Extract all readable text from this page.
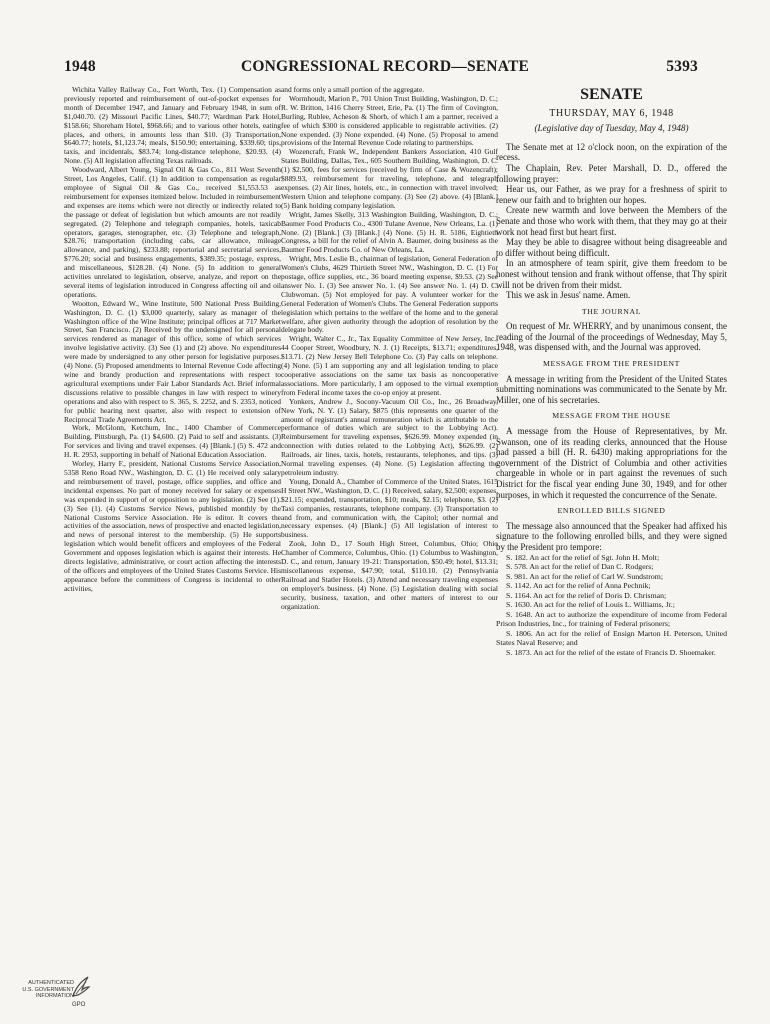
1948	CONGRESSIONAL RECORD—SENATE	5393

Wichita Valley Railway Co., Fort Worth, Tex. (1) Compensation as previously reported and reimbursement of out-of-pocket expenses for month of December 1947, and January and February 1948, in sum of $1,040.70. (2) Missouri Pacific Lines, $40.77; Wardman Park Hotel, $158.66; Shoreham Hotel, $968.66; and to various other hotels, eating places, and others, in amounts less than $10. (3) Transportation, $640.77; hotels, $1,123.74; meals, $150.90; entertaining, $339.60; tips, taxis, and incidentals, $83.74; long-distance telephone, $20.93. (4) None. (5) All legislation affecting Texas railroads.

Woodward, Albert Young, Signal Oil & Gas Co., 811 West Seventh Street, Los Angeles, Calif. (1) In addition to compensation as regular employee of Signal Oil & Gas Co., received $1,553.53 as reimbursement for expenses itemized below. Included in reimbursement and expenses are items which were not directly or indirectly related to the passage or defeat of legislation but which amounts are not readily segregated. (2) Telephone and telegraph companies, hotels, taxicab operators, garages, stenographer, etc. (3) Telephone and telegraph, $28.76; transportation (including cabs, car allowance, mileage allowance, and parking), $233.88; reportorial and secretarial services, $776.20; social and business engagements, $389.35; postage, express, and miscellaneous, $128.28. (4) None. (5) In addition to general activities unrelated to legislation, observe, analyze, and report on the several items of legislation introduced in Congress affecting oil and oil operations.

Wootton, Edward W., Wine Institute, 500 National Press Building, Washington, D. C. (1) $3,000 quarterly, salary as manager of the Washington office of the Wine Institute; principal offices at 717 Market Street, San Francisco. (2) Received by the undersigned for all personal services rendered as manager of this office, some of which services involve legislative activity. (3) See (1) and (2) above. No expenditures were made by undersigned to any other person for legislative purposes. (4) None. (5) Proposed amendments to Internal Revenue Code affecting wine and brandy production and representations with respect to agricultural exemptions under Fair Labor Standards Act. Brief informal discussions relative to possible changes in law with respect to winery operations and also with respect to S. 365, S. 2252, and S. 2353, noticed for public hearing next quarter, also with respect to extension of Reciprocal Trade Agreements Act.

Work, McGlonn, Ketchum, Inc., 1400 Chamber of Commerce Building, Pittsburgh, Pa. (1) $4,600. (2) Paid to self and assistants. (3) For services and living and travel expenses. (4) [Blank.] (5) S. 472 and H. R. 2953, supporting in behalf of National Education Association.

Worley, Harry F., president, National Customs Service Association, 5358 Reno Road NW., Washington, D. C. (1) He received only salary and reimbursement of travel, postage, office supplies, and office and incidental expenses. No part of money received for salary or expenses was expended in support of or opposition to any legislation. (2) See (1). (3) See (1). (4) Customs Service News, published monthly by the National Customs Service Association. He is editor. It covers the activities of the association, news of prospective and enacted legislation, and news of personal interest to the membership. (5) He supports legislation which would benefit officers and employees of the Federal Government and opposes legislation which is against their interests. He directs legislative, administrative, or court action affecting the interests of the officers and employees of the United States Customs Service. His appearance before the committees of Congress is incidental to other activities,

and forms only a small portion of the aggregate.

Wormhoudt, Marion P., 701 Union Trust Building, Washington, D. C.; R. W. Britton, 1416 Cherry Street, Erie, Pa. (1) The firm of Covington, Burling, Rublee, Acheson & Shorb, of which I am a partner, received a fee of which $300 is considered applicable to registrable activities. (2) None expended. (3) None expended. (4) None. (5) Proposal to amend provisions of the Internal Revenue Code relating to partnerships.

Wozencraft, Frank W., Independent Bankers Association, 410 Gulf States Building, Dallas, Tex., 605 Southern Building, Washington, D. C. (1) $2,500, fees for services (received by firm of Case & Wozencraft); $889.93, reimbursement for traveling, telephone, and telegraph expenses. (2) Air lines, hotels, etc., in connection with travel involved; Western Union and telephone company. (3) See (2) above. (4) [Blank.] (5) Bank holding company legislation.

Wright, James Skelly, 313 Washington Building, Washington, D. C.; Baumer Food Products Co., 4300 Tulane Avenue, New Orleans, La. (1) None. (2) [Blank.] (3) [Blank.] (4) None. (5) H. R. 5186, Eightieth Congress, a bill for the relief of Alvin A. Baumer, doing business as the Baumer Food Products Co. of New Orleans, La.

Wright, Mrs. Leslie B., chairman of legislation, General Federation of Women's Clubs, 4629 Thirtieth Street NW., Washington, D. C. (1) For postage, office supplies, etc., 36 board meeting expense, $9.53. (2) See answer No. 1. (3) See answer No. 1. (4) See answer No. 1. (4) D. C. Clubwoman. (5) Not employed for pay. A volunteer worker for the General Federation of Women's Clubs. The General Federation supports legislation which pertains to the welfare of the home and to the general welfare, after given authority through the adoption of resolution by the delegate body.

Wright, Walter C., Jr., Tax Equality Committee of New Jersey, Inc., 44 Cooper Street, Woodbury, N. J. (1) Receipts, $13.71; expenditures, $13.71. (2) New Jersey Bell Telephone Co. (3) Pay calls on telephone. (4) None. (5) I am supporting any and all legislation tending to place cooperative associations on the same tax basis as noncooperative associations. More particularly, I am opposed to the virtual exemption from Federal income taxes the co-op enjoy at present.

Yonkers, Andrew J., Socony-Vacuum Oil Co., Inc., 26 Broadway, New York, N. Y. (1) Salary, $875 (this represents one quarter of the amount of registrant's annual remuneration which is attributable to the performance of duties which are subject to the Lobbying Act). Reimbursement for traveling expenses, $626.99. Money expended (in connection with duties related to the Lobbying Act), $626.99. (2) Railroads, air lines, taxis, hotels, restaurants, telephones, and tips. (3) Normal traveling expenses. (4) None. (5) Legislation affecting the petroleum industry.

Young, Donald A., Chamber of Commerce of the United States, 1615 H Street NW., Washington, D. C. (1) Received, salary, $2,500; expenses, $21.15; expended, transportation, $10; meals, $2.15; telephone, $3. (2) Taxi companies, restaurants, telephone company. (3) Transportation to and from, and communication with, the Capitol; other normal and necessary expenses. (4) [Blank.] (5) All legislation of interest to business.

Zook, John D., 17 South High Street, Columbus, Ohio; Ohio Chamber of Commerce, Columbus, Ohio. (1) Columbus to Washington, D. C., and return, January 19-21: Transportation, $50.49; hotel, $13.31; miscellaneous expense, $47.90; total, $110.10. (2) Pennsylvania Railroad and Statler Hotels. (3) Attend and necessary traveling expenses on employer's business. (4) None. (5) Legislation dealing with social security, business, taxation, and other matters of interest to our organization.

SENATE
THURSDAY, MAY 6, 1948
(Legislative day of Tuesday, May 4, 1948)

The Senate met at 12 o'clock noon, on the expiration of the recess.

The Chaplain, Rev. Peter Marshall, D. D., offered the following prayer:

Hear us, our Father, as we pray for a freshness of spirit to renew our faith and to brighten our hopes.

Create new warmth and love between the Members of the Senate and those who work with them, that they may go at their work not head first but heart first.

May they be able to disagree without being disagreeable and to differ without being difficult.

In an atmosphere of team spirit, give them freedom to be honest without tension and frank without offense, that Thy spirit will not be driven from their midst.

This we ask in Jesus' name. Amen.

THE JOURNAL

On request of Mr. WHERRY, and by unanimous consent, the reading of the Journal of the proceedings of Wednesday, May 5, 1948, was dispensed with, and the Journal was approved.

MESSAGE FROM THE PRESIDENT

A message in writing from the President of the United States submitting nominations was communicated to the Senate by Mr. Miller, one of his secretaries.

MESSAGE FROM THE HOUSE

A message from the House of Representatives, by Mr. Swanson, one of its reading clerks, announced that the House had passed a bill (H. R. 6430) making appropriations for the government of the District of Columbia and other activities chargeable in whole or in part against the revenues of such District for the fiscal year ending June 30, 1949, and for other purposes, in which it requested the concurrence of the Senate.

ENROLLED BILLS SIGNED

The message also announced that the Speaker had affixed his signature to the following enrolled bills, and they were signed by the President pro tempore:

S. 182. An act for the relief of Sgt. John H. Molt;

S. 578. An act for the relief of Dan C. Rodgers;

S. 981. An act for the relief of Carl W. Sundstrom;

S. 1142. An act for the relief of Anna Pechnik;

S. 1164. An act for the relief of Doris D. Chrisman;

S. 1630. An act for the relief of Louis L. Williams, Jr.;

S. 1648. An act to authorize the expenditure of income from Federal Prison Industries, Inc., for training of Federal prisoners;

S. 1806. An act for the relief of Ensign Marton H. Peterson, United States Naval Reserve; and

S. 1873. An act for the relief of the estate of Francis D. Shoemaker.

AUTHENTICATED U.S. GOVERNMENT INFORMATION
GPO
